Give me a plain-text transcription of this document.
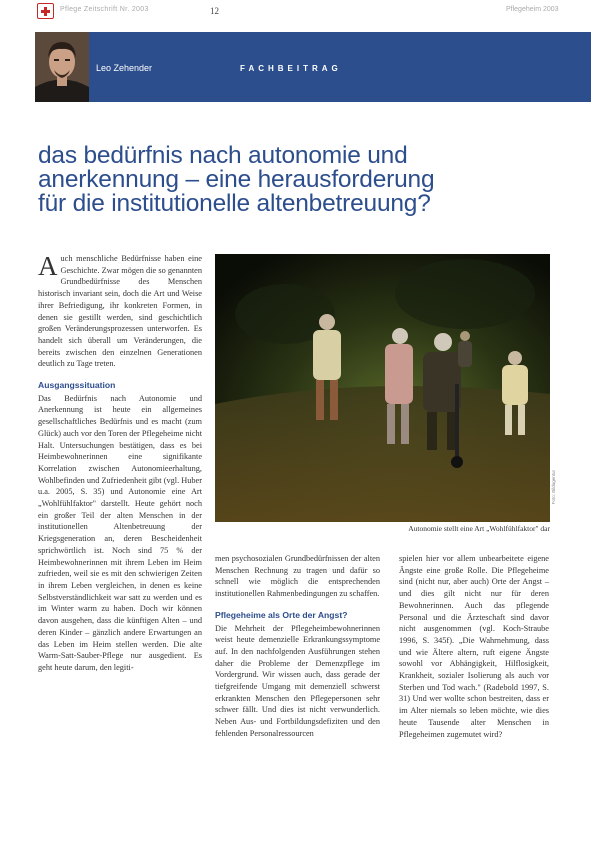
Pflege Zeitschrift Nr. 2003	12	Pflegeheim 2003
Leo Zehender	FACHBEITRAG
das bedürfnis nach autonomie und
anerkennung – eine herausforderung
für die institutionelle altenbetreuung?
A uch menschliche Bedürfnisse haben eine Geschichte. Zwar mögen die so genannten Grundbedürfnisse des Menschen historisch invariant sein, doch die Art und Weise ihrer Befriedigung, ihr konkreten Formen, in denen sie gestillt werden, sind geschichtlich großen Veränderungsprozessen unterworfen. Es handelt sich überall um Veränderungen, die bereits zwischen den einzelnen Generationen deutlich zu Tage treten.

Ausgangssituation

Das Bedürfnis nach Autonomie und Anerkennung ist heute ein allgemeines gesellschaftliches Bedürfnis und es macht (zum Glück) auch vor den Toren der Pflegeheime nicht Halt. Untersuchungen bestätigen, dass es bei Heimbewohnerinnen eine signifikante Korrelation zwischen Autonomieerhaltung, Wohlbefinden und Zufriedenheit gibt (vgl. Huber u.a. 2005, S. 35) und Autonomie eine Art „Wohlfühlfaktor" darstellt. Heute gehört noch ein großer Teil der alten Menschen in der institutionellen Altenbetreuung der Kriegsgeneration an, deren Bescheidenheit sprichwörtlich ist. Noch sind 75 % der Heimbewohnerinnen mit ihrem Leben im Heim zufrieden, weil sie es mit den schwierigen Zeiten in ihrem Leben vergleichen, in denen es keine Selbstverständlichkeit war satt zu werden und es im Winter warm zu haben. Doch wir können davon ausgehen, dass die künftigen Alten – und deren Kinder – gänzlich andere Erwartungen an das Leben im Heim stellen werden. Die alte Warm-Satt-Sauber-Pflege nur ausgedient. Es geht heute darum, den legiti-

Foto: Bildagentur
Autonomie stellt eine Art „Wohlfühlfaktor" dar

men psychosozialen Grundbedürfnissen der alten Menschen Rechnung zu tragen und dafür so schnell wie möglich die entsprechenden institutionellen Rahmenbedingungen zu schaffen.

Pflegeheime als Orte der Angst?

Die Mehrheit der Pflegeheimbewohnerinnen weist heute demenzielle Erkrankungssymptome auf. In den nachfolgenden Ausführungen stehen daher die Probleme der Demenzpflege im Vordergrund. Wir wissen auch, dass gerade der tiefgreifende Umgang mit demenziell schwerst erkrankten Menschen den Pflegepersonen sehr schwer fällt. Und dies ist nicht verwunderlich. Neben Aus- und Fortbildungsdefiziten und den fehlenden Personalressourcen

spielen hier vor allem unbearbeitete eigene Ängste eine große Rolle. Die Pflegeheime sind (nicht nur, aber auch) Orte der Angst – und dies gilt nicht nur für deren Bewohnerinnen. Auch das pflegende Personal und die Ärzteschaft sind davor nicht ausgenommen (vgl. Koch-Straube 1996, S. 345f). „Die Wahrnehmung, dass und wie Ältere altern, ruft eigene Ängste sowohl vor Abhängigkeit, Hilflosigkeit, Krankheit, sozialer Isolierung als auch vor Sterben und Tod wach." (Radebold 1997, S. 31) Und wer wollte schon bestreiten, dass er im Alter niemals so leben möchte, wie dies heute Tausende alter Menschen in Pflegeheimen zugemutet wird?
